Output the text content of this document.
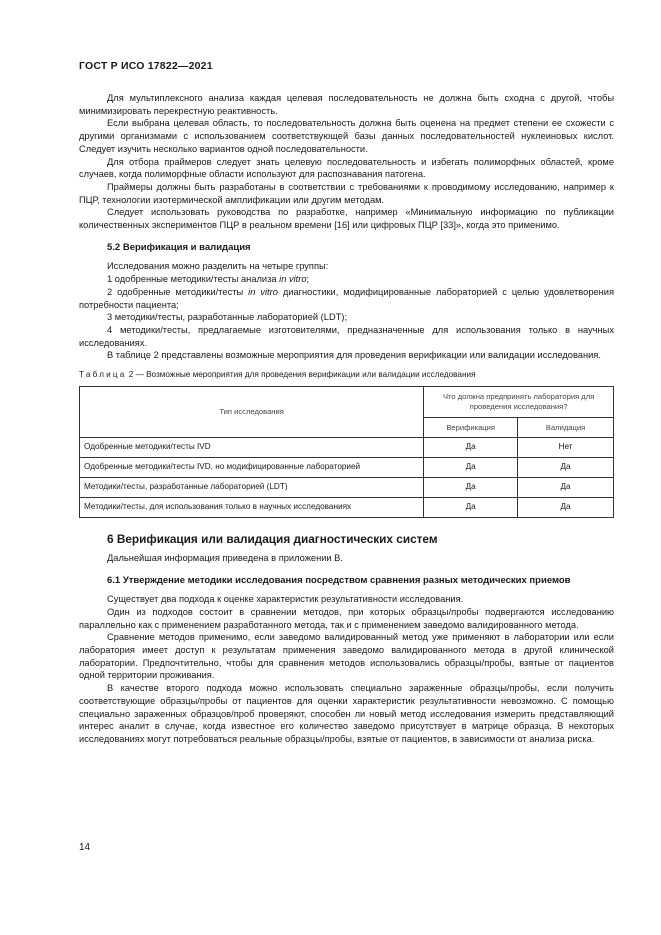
ГОСТ Р ИСО 17822—2021

Для мультиплексного анализа каждая целевая последовательность не должна быть сходна с другой, чтобы минимизировать перекрестную реактивность.

Если выбрана целевая область, то последовательность должна быть оценена на предмет степени ее схожести с другими организмами с использованием соответствующей базы данных последовательностей нуклеиновых кислот. Следует изучить несколько вариантов одной последовательности.

Для отбора праймеров следует знать целевую последовательность и избегать полиморфных областей, кроме случаев, когда полиморфные области используют для распознавания патогена.

Праймеры должны быть разработаны в соответствии с требованиями к проводимому исследованию, например к ПЦР, технологии изотермической амплификации или другим методам.

Следует использовать руководства по разработке, например «Минимальную информацию по публикации количественных экспериментов ПЦР в реальном времени [16] или цифровых ПЦР [33]», когда это применимо.

5.2 Верификация и валидация

Исследования можно разделить на четыре группы:

1 одобренные методики/тесты анализа in vitro;

2 одобренные методики/тесты in vitro диагностики, модифицированные лабораторией с целью удовлетворения потребности пациента;

3 методики/тесты, разработанные лабораторией (LDT);

4 методики/тесты, предлагаемые изготовителями, предназначенные для использования только в научных исследованиях.

В таблице 2 представлены возможные мероприятия для проведения верификации или валидации исследования.

Таблица 2 — Возможные мероприятия для проведения верификации или валидации исследования
Тип исследования	Что должна предпринять лаборатория для проведения исследования?	
	Верификация	Валидация
Одобренные методики/тесты IVD	Да	Нет
Одобренные методики/тесты IVD, но модифицированные лабораторией	Да	Да
Методики/тесты, разработанные лабораторией (LDT)	Да	Да
Методики/тесты, для использования только в научных исследованиях	Да	Да
6 Верификация или валидация диагностических систем

Дальнейшая информация приведена в приложении В.

6.1 Утверждение методики исследования посредством сравнения разных методических приемов

Существует два подхода к оценке характеристик результативности исследования.

Один из подходов состоит в сравнении методов, при которых образцы/пробы подвергаются исследованию параллельно как с применением разработанного метода, так и с применением заведомо валидированного метода.

Сравнение методов применимо, если заведомо валидированный метод уже применяют в лаборатории или если лаборатория имеет доступ к результатам применения заведомо валидированного метода в другой клинической лаборатории. Предпочтительно, чтобы для сравнения методов использовались образцы/пробы, взятые от пациентов одной территории проживания.

В качестве второго подхода можно использовать специально зараженные образцы/пробы, если получить соответствующие образцы/пробы от пациентов для оценки характеристик результативности невозможно. С помощью специально зараженных образцов/проб проверяют, способен ли новый метод исследования измерить представляющий интерес аналит в случае, когда известное его количество заведомо присутствует в матрице образца. В некоторых исследованиях могут потребоваться реальные образцы/пробы, взятые от пациентов, в зависимости от анализа риска.

14
